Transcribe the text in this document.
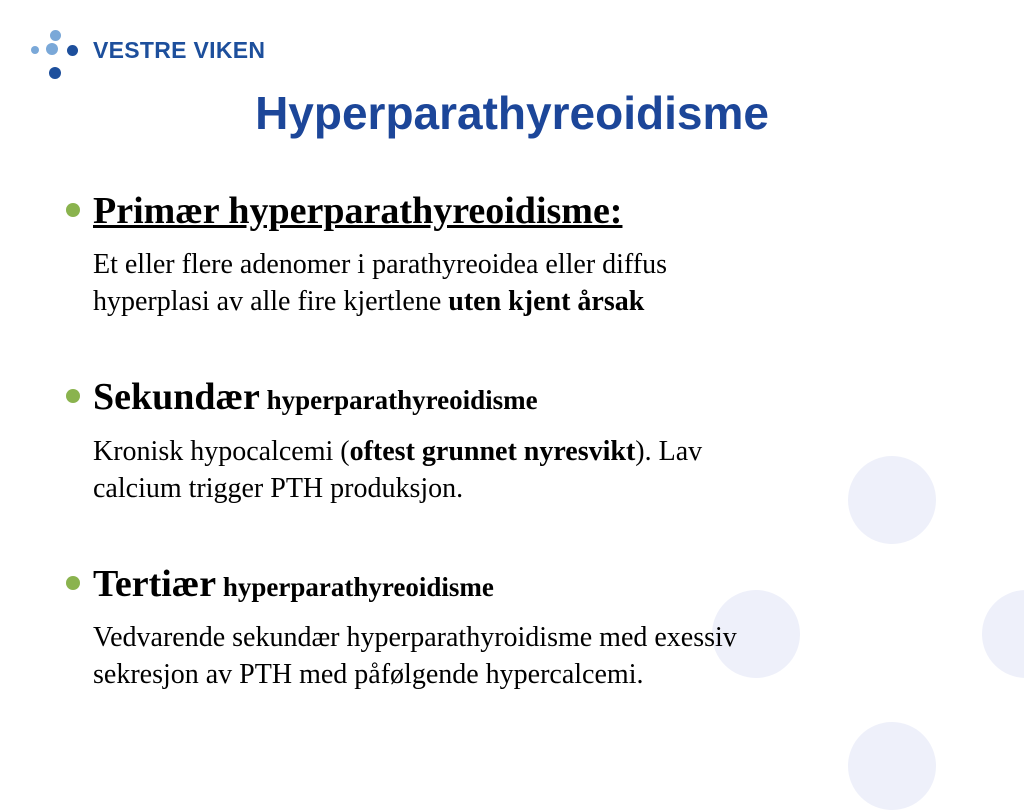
VESTRE VIKEN
Hyperparathyreoidisme

Primær hyperparathyreoidisme:

Et eller flere adenomer i parathyreoidea eller diffus
hyperplasi av alle fire kjertlene uten kjent årsak

Sekundær hyperparathyreoidisme

Kronisk hypocalcemi (oftest grunnet nyresvikt). Lav
calcium trigger PTH produksjon.

Tertiær hyperparathyreoidisme

Vedvarende sekundær hyperparathyroidisme med exessiv
sekresjon av PTH med påfølgende hypercalcemi.
